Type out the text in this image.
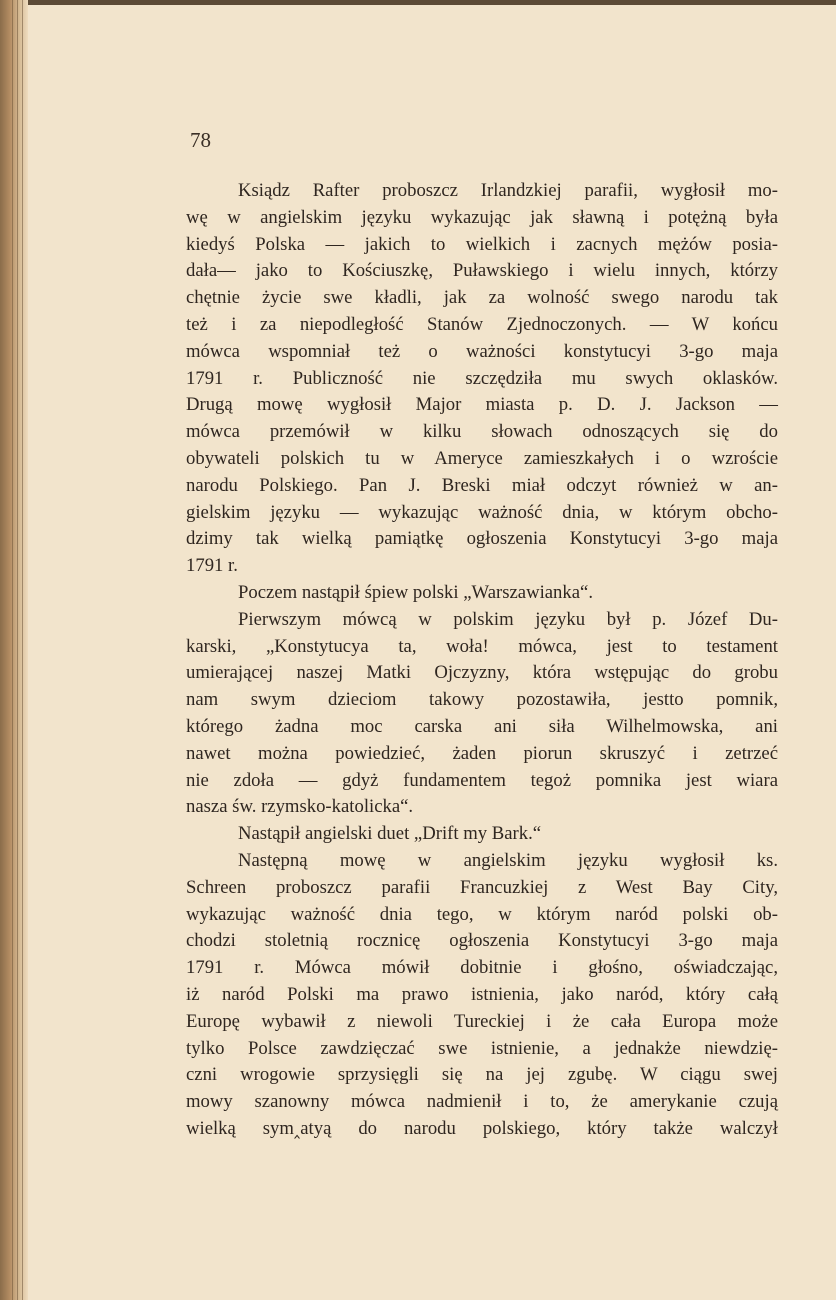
78
Ksiądz Rafter proboszcz Irlandzkiej parafii, wygłosił mo-
wę w angielskim języku wykazując jak sławną i potężną była
kiedyś Polska — jakich to wielkich i zacnych mężów posia-
dała— jako to Kościuszkę, Puławskiego i wielu innych, którzy
chętnie życie swe kładli, jak za wolność swego narodu tak
też i za niepodległość Stanów Zjednoczonych. — W końcu
mówca wspomniał też o ważności konstytucyi 3-go maja
1791 r. Publiczność nie szczędziła mu swych oklasków.
Drugą mowę wygłosił Major miasta p. D. J. Jackson —
mówca przemówił w kilku słowach odnoszących się do
obywateli polskich tu w Ameryce zamieszkałych i o wzroście
narodu Polskiego. Pan J. Breski miał odczyt również w an-
gielskim języku — wykazując ważność dnia, w którym obcho-
dzimy tak wielką pamiątkę ogłoszenia Konstytucyi 3-go maja
1791 r.
Poczem nastąpił śpiew polski „Warszawianka“.
Pierwszym mówcą w polskim języku był p. Józef Du-
karski, „Konstytucya ta, woła! mówca, jest to testament
umierającej naszej Matki Ojczyzny, która wstępując do grobu
nam swym dzieciom takowy pozostawiła, jestto pomnik,
którego żadna moc carska ani siła Wilhelmowska, ani
nawet można powiedzieć, żaden piorun skruszyć i zetrzeć
nie zdoła — gdyż fundamentem tegoż pomnika jest wiara
nasza św. rzymsko-katolicka“.
Nastąpił angielski duet „Drift my Bark.“
Następną mowę w angielskim języku wygłosił ks.
Schreen proboszcz parafii Francuzkiej z West Bay City,
wykazując ważność dnia tego, w którym naród polski ob-
chodzi stoletnią rocznicę ogłoszenia Konstytucyi 3-go maja
1791 r. Mówca mówił dobitnie i głośno, oświadczając,
iż naród Polski ma prawo istnienia, jako naród, który całą
Europę wybawił z niewoli Tureckiej i że cała Europa może
tylko Polsce zawdzięczać swe istnienie, a jednakże niewdzię-
czni wrogowie sprzysięgli się na jej zgubę. W ciągu swej
mowy szanowny mówca nadmienił i to, że amerykanie czują
wielką sym‸atyą do narodu polskiego, który także walczył
